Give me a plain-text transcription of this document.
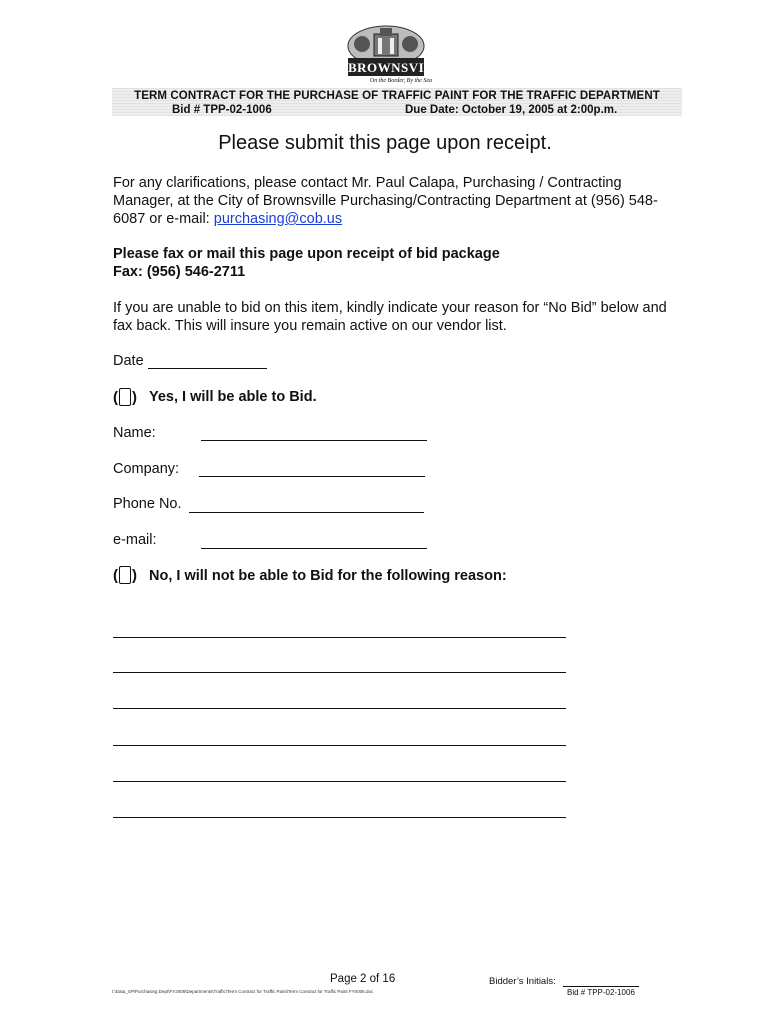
BROWNSVILLE
On the Border, By the Sea
TERM CONTRACT FOR THE PURCHASE OF TRAFFIC PAINT FOR THE TRAFFIC DEPARTMENT
Bid # TPP-02-1006	Due Date: October 19, 2005 at 2:00p.m.
Please submit this page upon receipt.
For any clarifications, please contact Mr. Paul Calapa, Purchasing / Contracting Manager, at the City of Brownsville Purchasing/Contracting Department at (956) 548-6087 or e-mail: purchasing@cob.us
Please fax or mail this page upon receipt of bid package
Fax: (956) 546-2711
If you are unable to bid on this item, kindly indicate your reason for “No Bid” below and fax back. This will insure you remain active on our vendor list.
Date
( ) Yes, I will be able to Bid.
Name:
Company:
Phone No.
e-mail:
( ) No, I will not be able to Bid for the following reason:
Page 2 of 16	Bidder’s Initials:
I:\Data_SP\Purchasing Dept\FY2006\Departments\Traffic\Term Contract for Traffic Paint\Term Contract for Traffic Paint FY0006.doc	Bid # TPP-02-1006
